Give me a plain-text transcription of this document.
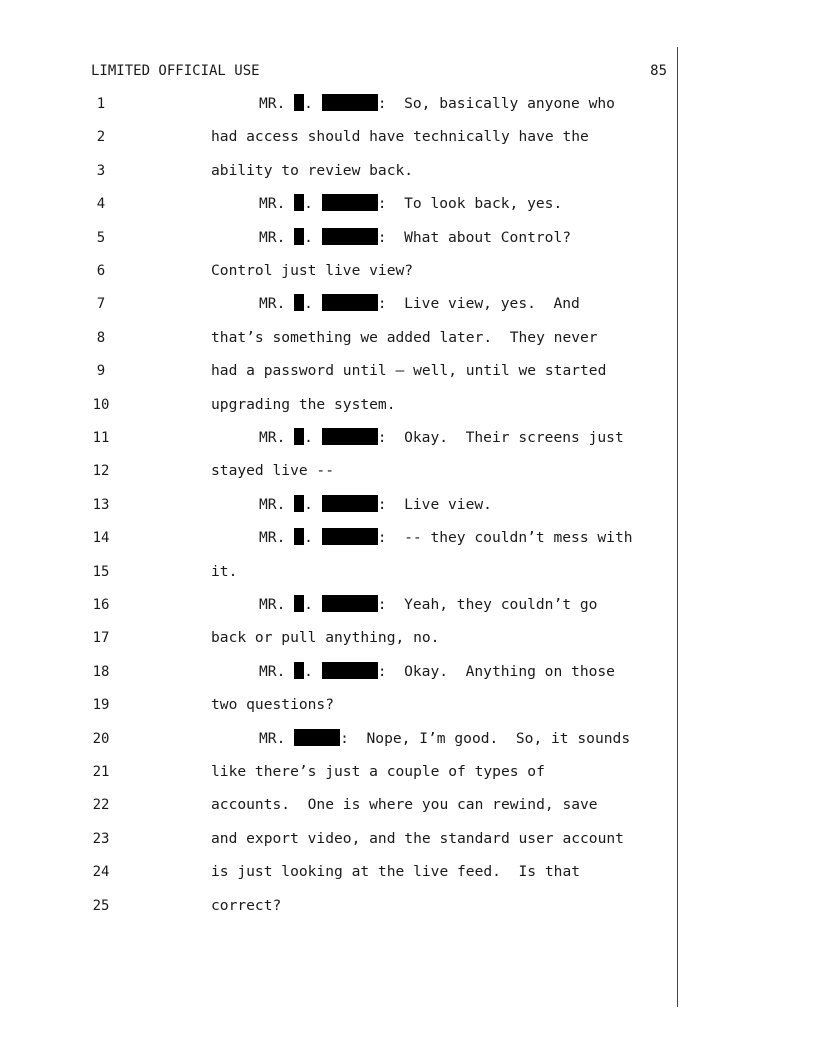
LIMITED OFFICIAL USE	85
1	MR. .	:  So, basically anyone who
2	had access should have technically have the
3	ability to review back.
4	MR. .	:  To look back, yes.
5	MR. .	:  What about Control?
6	Control just live view?
7	MR. .	:  Live view, yes.  And
8	that’s something we added later.  They never
9	had a password until – well, until we started
10	upgrading the system.
11	MR. .	:  Okay.  Their screens just
12	stayed live --
13	MR. .	:  Live view.
14	MR. .	:  -- they couldn’t mess with
15	it.
16	MR. .	:  Yeah, they couldn’t go
17	back or pull anything, no.
18	MR. .	:  Okay.  Anything on those
19	two questions?
20	MR.	:  Nope, I’m good.  So, it sounds
21	like there’s just a couple of types of
22	accounts.  One is where you can rewind, save
23	and export video, and the standard user account
24	is just looking at the live feed.  Is that
25	correct?
